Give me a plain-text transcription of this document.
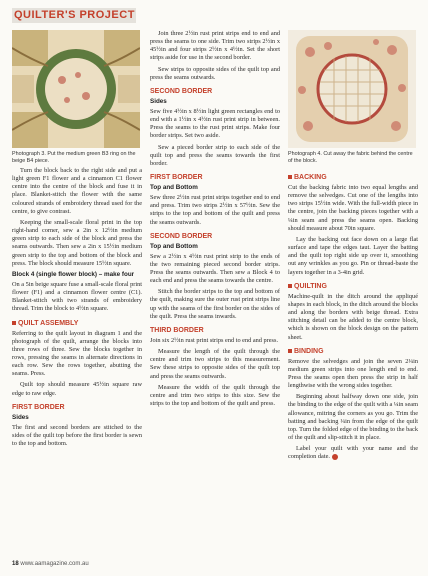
QUILTER'S PROJECT
Photograph 3. Put the medium green B3 ring on the beige B4 piece.

Turn the block back to the right side and put a light green F1 flower and a cinnamon C1 flower centre into the centre of the block and fuse it in place. Blanket-stitch the flower with the same coloured strands of embroidery thread used for the centre, to give contrast.

Keeping the small-scale floral print in the top right-hand corner, sew a 2in x 12½in medium green strip to each side of the block and press the seams outwards. Then sew a 2in x 15½in medium green strip to the top and bottom of the block and press. The block should measure 15½in square.

Block 4 (single flower block) – make four

On a 5in beige square fuse a small-scale floral print flower (F1) and a cinnamon flower centre (C1). Blanket-stitch with two strands of embroidery thread. Trim the block to 4½in square.

QUILT ASSEMBLY

Referring to the quilt layout in diagram 1 and the photograph of the quilt, arrange the blocks into three rows of three. Sew the blocks together in rows, pressing the seams in alternate directions in each row. Sew the rows together, abutting the seams. Press.

Quilt top should measure 45½in square raw edge to raw edge.

FIRST BORDER

Sides

The first and second borders are stitched to the sides of the quilt top before the first border is sewn to the top and bottom.

Join three 2½in rust print strips end to end and press the seams to one side. Trim two strips 2½in x 45½in and four strips 2½in x 4½in. Set the short strips aside for use in the second border.

Sew strips to opposite sides of the quilt top and press the seams outwards.

SECOND BORDER

Sides

Sew five 4½in x 8½in light green rectangles end to end with a 1½in x 4½in rust print strip in between. Press the seams to the rust print strips. Make four border strips. Set two aside.

Sew a pieced border strip to each side of the quilt top and press the seams towards the first border.

FIRST BORDER

Top and Bottom

Sew three 2½in rust print strips together end to end and press. Trim two strips 2½in x 57½in. Sew the strips to the top and bottom of the quilt and press the seams outwards.

SECOND BORDER

Top and Bottom

Sew a 2½in x 4½in rust print strip to the ends of the two remaining pieced second border strips. Press the seams outwards. Then sew a Block 4 to each end and press the seams towards the centre.

Stitch the border strips to the top and bottom of the quilt, making sure the outer rust print strips line up with the seams of the first border on the sides of the quilt. Press the seams inwards.

THIRD BORDER

Join six 2½in rust print strips end to end and press.

Measure the length of the quilt through the centre and trim two strips to this measurement. Sew these strips to opposite sides of the quilt top and press the seams outwards.

Measure the width of the quilt through the centre and trim two strips to this size. Sew the strips to the top and bottom of the quilt and press.

Photograph 4. Cut away the fabric behind the centre of the block.
BACKING

Cut the backing fabric into two equal lengths and remove the selvedges. Cut one of the lengths into two strips 15½in wide. With the full-width piece in the centre, join the backing pieces together with a ¼in seam and press the seams open. Backing should measure about 70in square.

Lay the backing out face down on a large flat surface and tape the edges taut. Layer the batting and the quilt top right side up over it, smoothing out any wrinkles as you go. Pin or thread-baste the layers together in a 3-4in grid.

QUILTING

Machine-quilt in the ditch around the appliqué shapes in each block, in the ditch around the blocks and along the borders with beige thread. Extra stitching detail can be added to the centre block, which is shown on the block design on the pattern sheet.

BINDING

Remove the selvedges and join the seven 2¼in medium green strips into one length end to end. Press the seams open then press the strip in half lengthwise with the wrong sides together.

Beginning about halfway down one side, join the binding to the edge of the quilt with a ¼in seam allowance, mitring the corners as you go. Trim the batting and backing ¼in from the edge of the quilt top. Turn the folded edge of the binding to the back of the quilt and slip-stitch it in place.

Label your quilt with your name and the completion date.

18 www.aamagazine.com.au
